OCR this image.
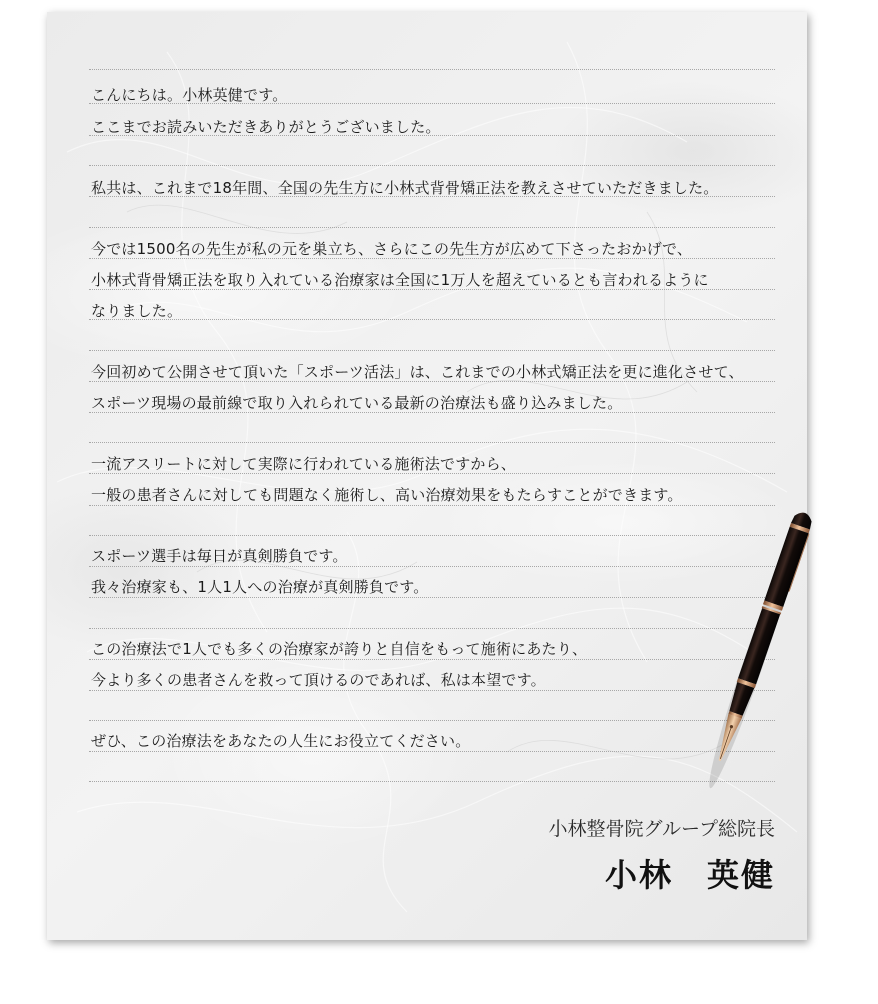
こんにちは。小林英健です。
ここまでお読みいただきありがとうございました。
私共は、これまで18年間、全国の先生方に小林式背骨矯正法を教えさせていただきました。
今では1500名の先生が私の元を巣立ち、さらにこの先生方が広めて下さったおかげで、
小林式背骨矯正法を取り入れている治療家は全国に1万人を超えているとも言われるように
なりました。
今回初めて公開させて頂いた「スポーツ活法」は、これまでの小林式矯正法を更に進化させて、
スポーツ現場の最前線で取り入れられている最新の治療法も盛り込みました。
一流アスリートに対して実際に行われている施術法ですから、
一般の患者さんに対しても問題なく施術し、高い治療効果をもたらすことができます。
スポーツ選手は毎日が真剣勝負です。
我々治療家も、1人1人への治療が真剣勝負です。
この治療法で1人でも多くの治療家が誇りと自信をもって施術にあたり、
今より多くの患者さんを救って頂けるのであれば、私は本望です。
ぜひ、この治療法をあなたの人生にお役立てください。
小林整骨院グループ総院長
小林　英健
